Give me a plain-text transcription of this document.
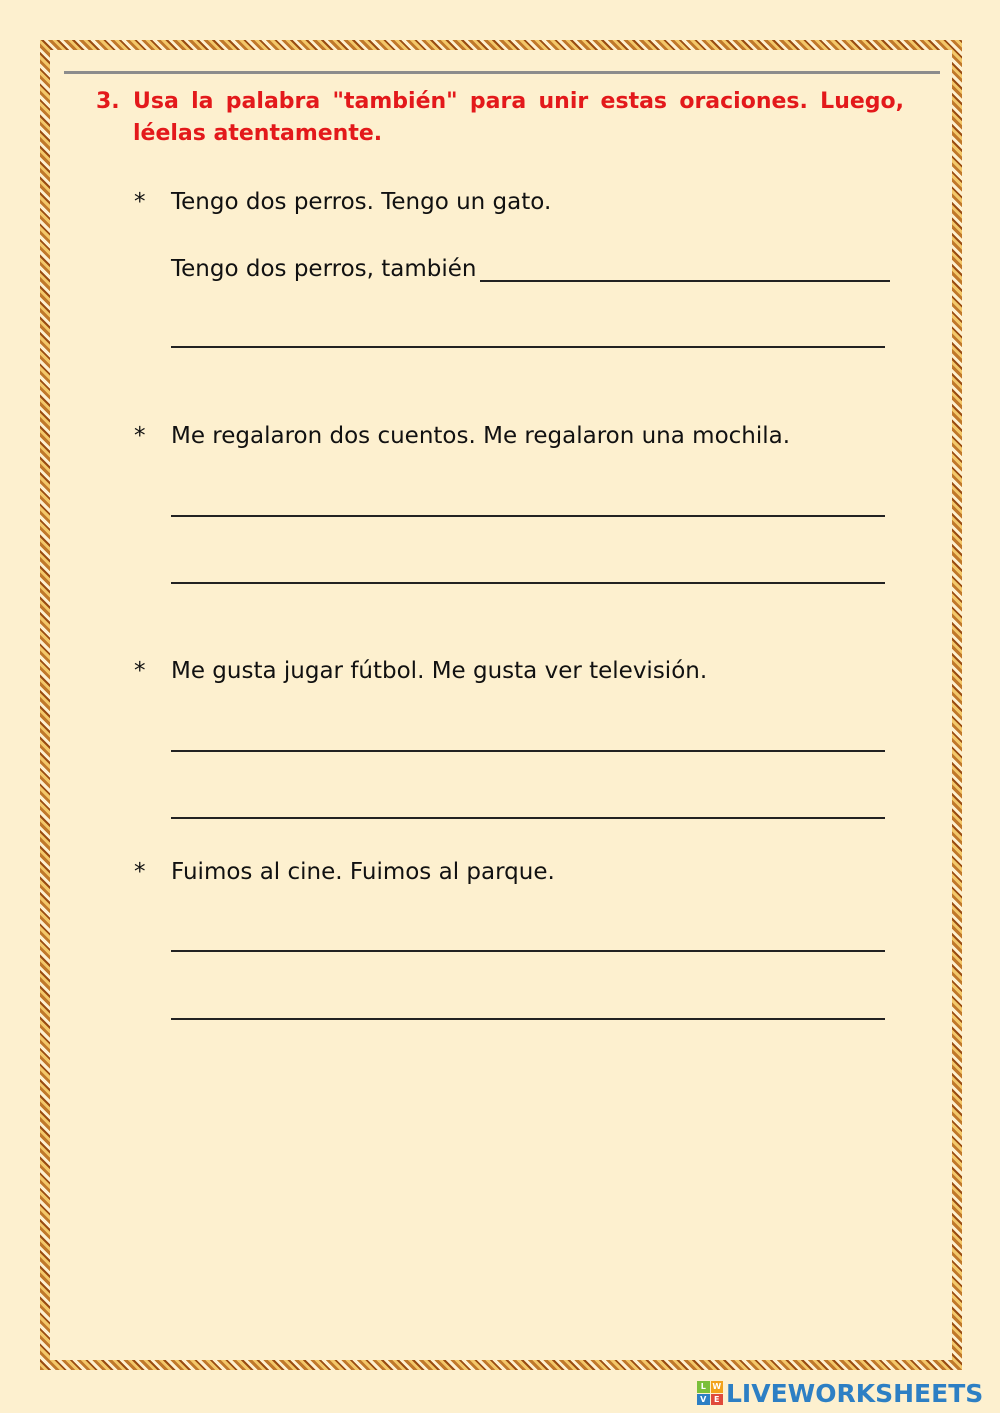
3. Usa la palabra "también" para unir estas oraciones. Luego, léelas atentamente.
* Tengo dos perros. Tengo un gato.
Tengo dos perros, también
* Me regalaron dos cuentos. Me regalaron una mochila.
* Me gusta jugar fútbol. Me gusta ver televisión.
* Fuimos al cine. Fuimos al parque.
L W
V E LIVEWORKSHEETS
